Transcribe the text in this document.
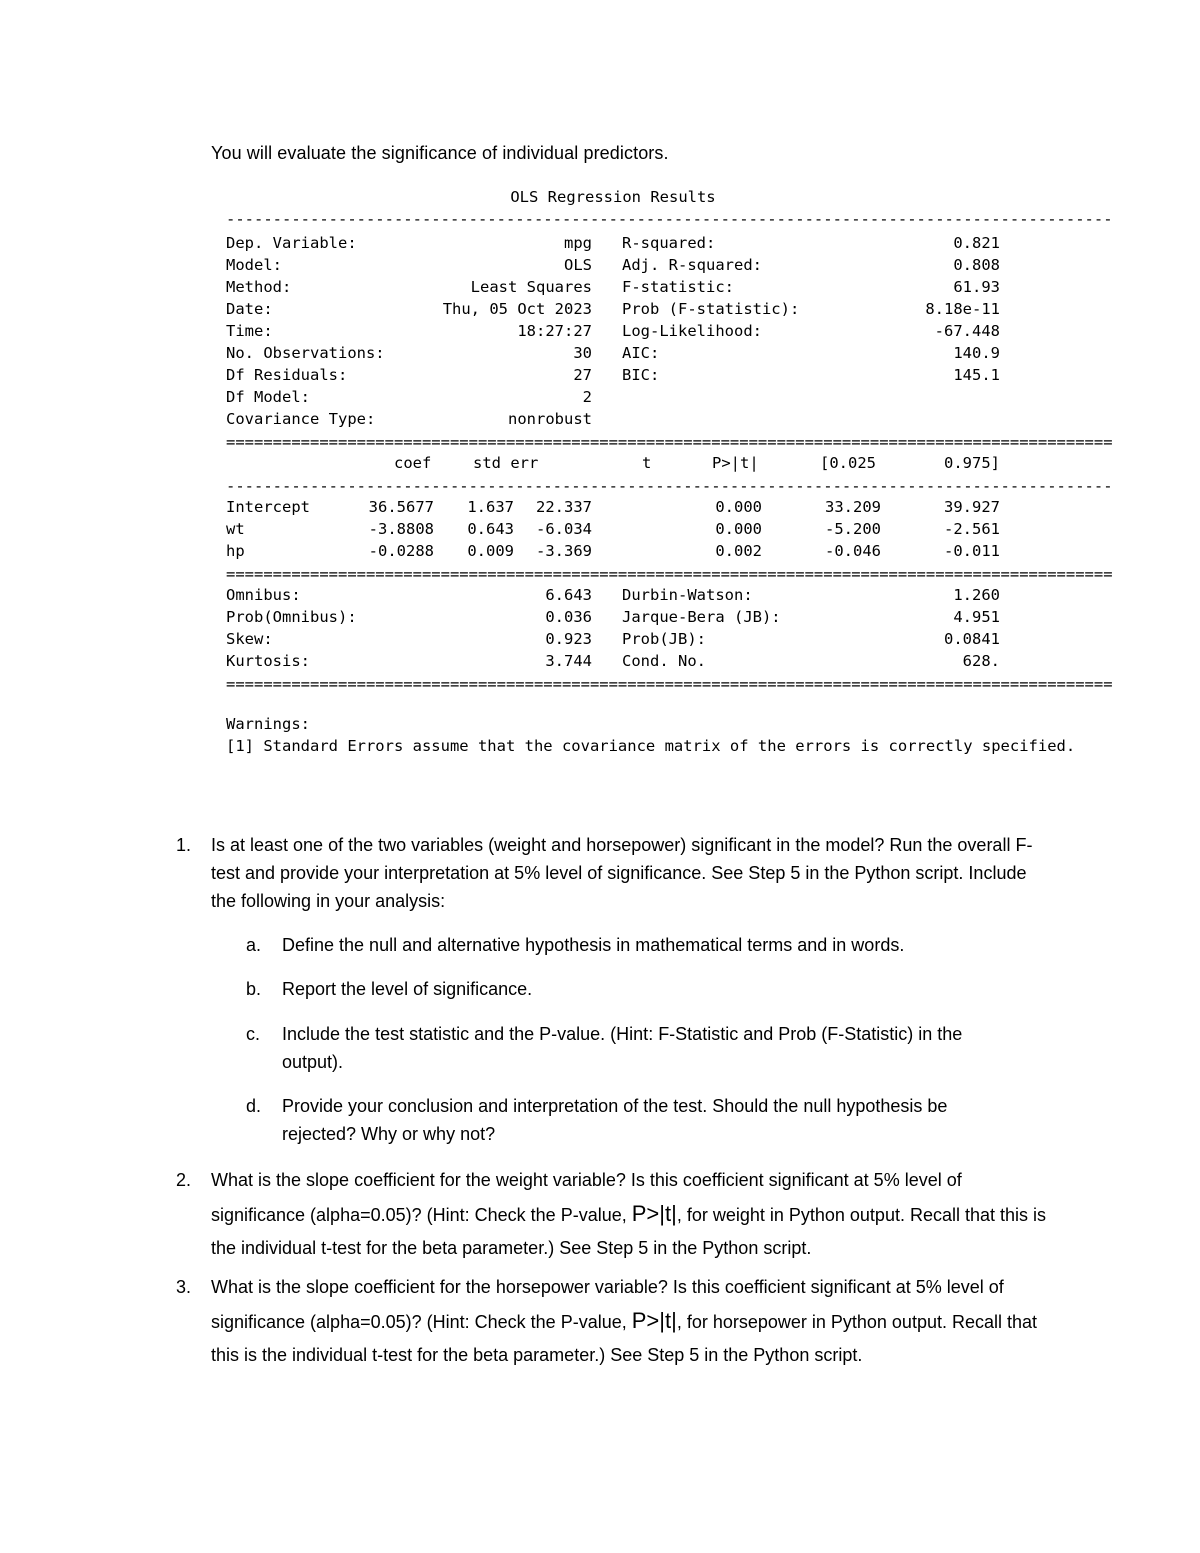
You will evaluate the significance of individual predictors.
OLS Regression Results
-----------------------------------------------------------------------------------------------
Dep. Variable:	mpg R-squared:	0.821
Model:	OLS Adj. R-squared:	0.808
Method:	Least Squares F-statistic:	61.93
Date:	Thu, 05 Oct 2023 Prob (F-statistic):	8.18e-11
Time:	18:27:27 Log-Likelihood:	-67.448
No. Observations:	30 AIC:	140.9
Df Residuals:	27 BIC:	145.1
Df Model:	2
Covariance Type:	nonrobust
===============================================================================================
coef	std err	t	P>|t|	[0.025	0.975]
-----------------------------------------------------------------------------------------------
Intercept	36.5677 1.637 22.337	0.000	33.209	39.927
wt	-3.8808 0.643 -6.034	0.000	-5.200	-2.561
hp	-0.0288 0.009 -3.369	0.002	-0.046	-0.011
===============================================================================================
Omnibus:	6.643 Durbin-Watson:	1.260
Prob(Omnibus):	0.036 Jarque-Bera (JB):	4.951
Skew:	0.923 Prob(JB):	0.0841
Kurtosis:	3.744 Cond. No.	628.
===============================================================================================
Warnings:
[1] Standard Errors assume that the covariance matrix of the errors is correctly specified.
1. Is at least one of the two variables (weight and horsepower) significant in the model? Run the overall F-test and provide your interpretation at 5% level of significance. See Step 5 in the Python script. Include the following in your analysis:
a. Define the null and alternative hypothesis in mathematical terms and in words.
b. Report the level of significance.
c. Include the test statistic and the P-value. (Hint: F-Statistic and Prob (F-Statistic) in the output).
d. Provide your conclusion and interpretation of the test. Should the null hypothesis be rejected? Why or why not?
2. What is the slope coefficient for the weight variable? Is this coefficient significant at 5% level of significance (alpha=0.05)? (Hint: Check the P-value, P>|t|, for weight in Python output. Recall that this is the individual t-test for the beta parameter.) See Step 5 in the Python script.
3. What is the slope coefficient for the horsepower variable? Is this coefficient significant at 5% level of significance (alpha=0.05)? (Hint: Check the P-value, P>|t|, for horsepower in Python output. Recall that this is the individual t-test for the beta parameter.) See Step 5 in the Python script.
